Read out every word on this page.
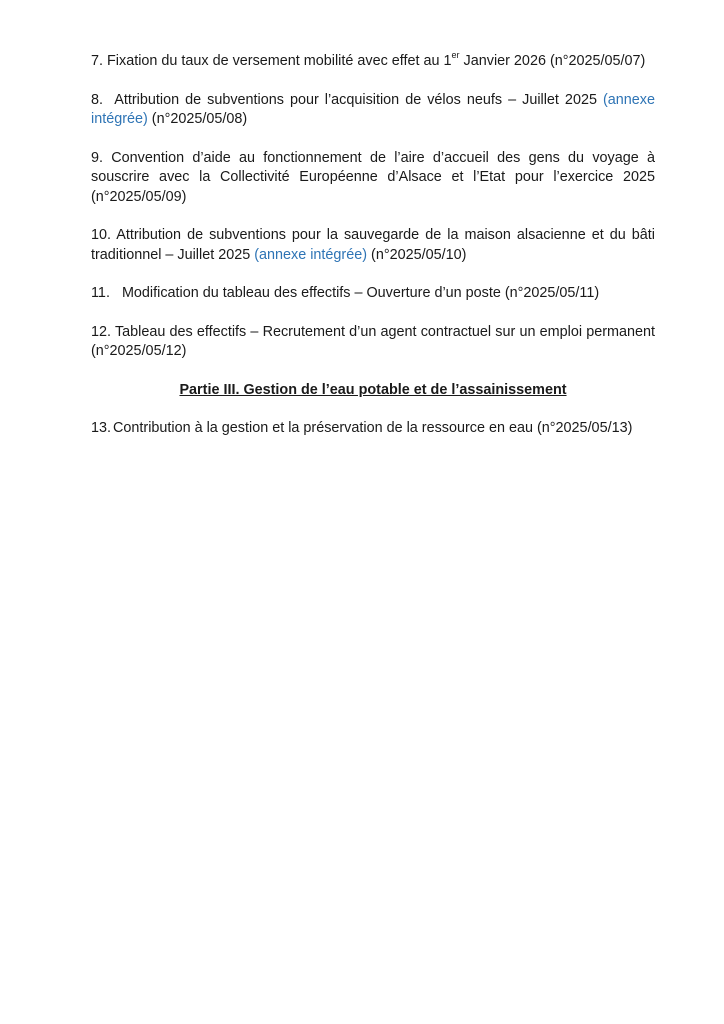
7. Fixation du taux de versement mobilité avec effet au 1er Janvier 2026 (n°2025/05/07)

8. Attribution de subventions pour l’acquisition de vélos neufs – Juillet 2025 (annexe intégrée) (n°2025/05/08)

9. Convention d’aide au fonctionnement de l’aire d’accueil des gens du voyage à souscrire avec la Collectivité Européenne d’Alsace et l’Etat pour l’exercice 2025 (n°2025/05/09)

10. Attribution de subventions pour la sauvegarde de la maison alsacienne et du bâti traditionnel – Juillet 2025 (annexe intégrée) (n°2025/05/10)

11. Modification du tableau des effectifs – Ouverture d’un poste (n°2025/05/11)

12. Tableau des effectifs – Recrutement d’un agent contractuel sur un emploi permanent (n°2025/05/12)

Partie III. Gestion de l’eau potable et de l’assainissement

13. Contribution à la gestion et la préservation de la ressource en eau (n°2025/05/13)
